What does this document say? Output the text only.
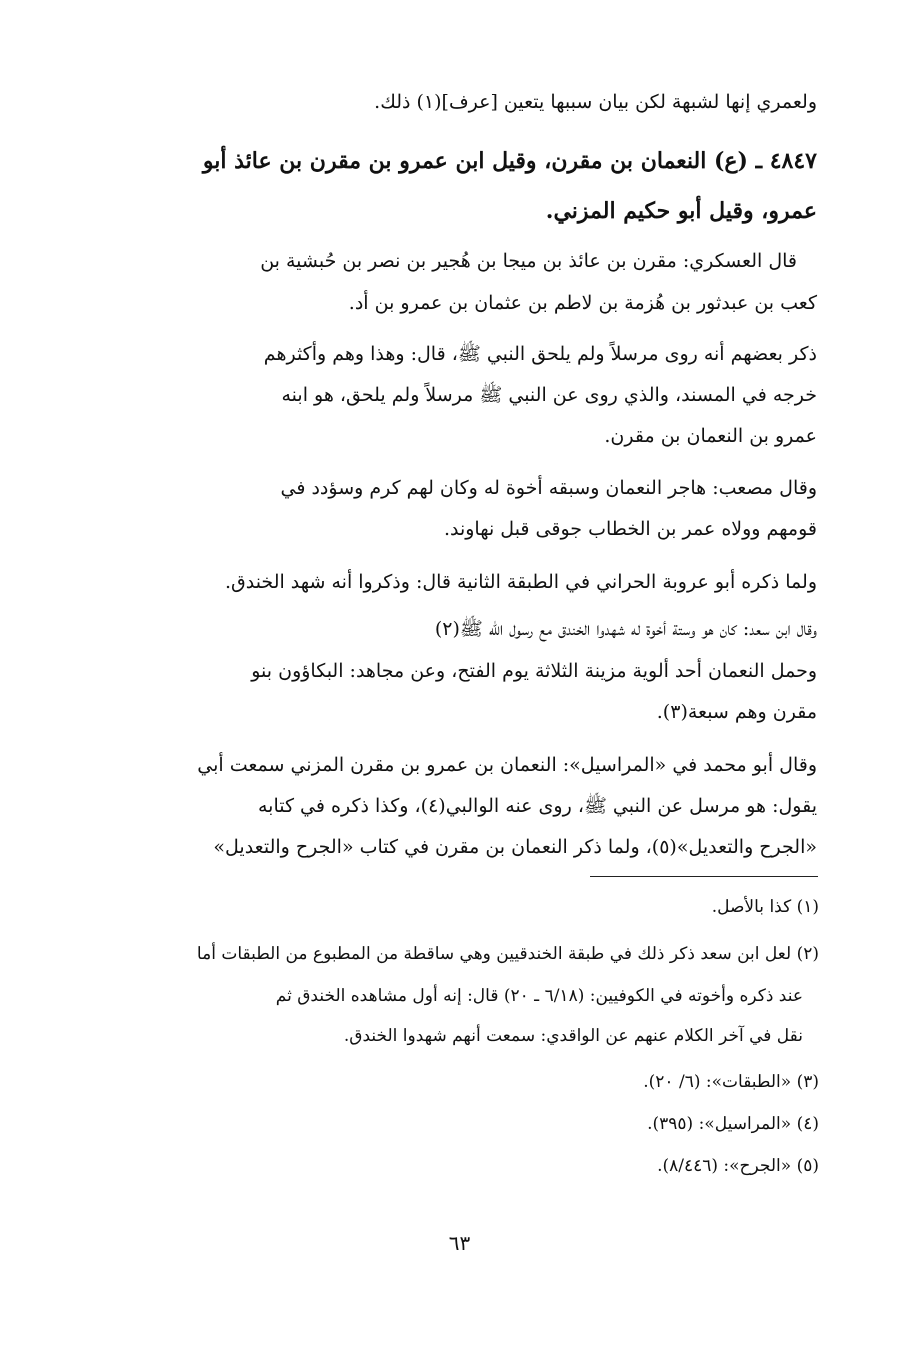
ولعمري إنها لشبهة لكن بيان سببها يتعين [عرف](١) ذلك.
٤٨٤٧ ـ (ع) النعمان بن مقرن، وقيل ابن عمرو بن مقرن بن عائذ أبو
عمرو، وقيل أبو حكيم المزني.
قال العسكري: مقرن بن عائذ بن ميجا بن هُجير بن نصر بن حُبشية بن
كعب بن عبدثور بن هُزمة بن لاطم بن عثمان بن عمرو بن أد.
ذكر بعضهم أنه روى مرسلاً ولم يلحق النبي ﷺ، قال: وهذا وهم وأكثرهم
خرجه في المسند، والذي روى عن النبي ﷺ مرسلاً ولم يلحق، هو ابنه
عمرو بن النعمان بن مقرن.
وقال مصعب: هاجر النعمان وسبقه أخوة له وكان لهم كرم وسؤدد في
قومهم وولاه عمر بن الخطاب جوقى قبل نهاوند.
ولما ذكره أبو عروبة الحراني في الطبقة الثانية قال: وذكروا أنه شهد الخندق.
وقال ابن سعد: كان هو وستة أخوة له شهدوا الخندق مع رسول الله ﷺ(٢)
وحمل النعمان أحد ألوية مزينة الثلاثة يوم الفتح، وعن مجاهد: البكاؤون بنو
مقرن وهم سبعة(٣).
وقال أبو محمد في «المراسيل»: النعمان بن عمرو بن مقرن المزني سمعت أبي
يقول: هو مرسل عن النبي ﷺ، روى عنه الوالبي(٤)، وكذا ذكره في كتابه
«الجرح والتعديل»(٥)، ولما ذكر النعمان بن مقرن في كتاب «الجرح والتعديل»
(١) كذا بالأصل.
(٢) لعل ابن سعد ذكر ذلك في طبقة الخندقيين وهي ساقطة من المطبوع من الطبقات أما
عند ذكره وأخوته في الكوفيين: (٦/١٨ ـ ٢٠) قال: إنه أول مشاهده الخندق ثم
نقل في آخر الكلام عنهم عن الواقدي: سمعت أنهم شهدوا الخندق.
(٣) «الطبقات»: (٦/ ٢٠).
(٤) «المراسيل»: (٣٩٥).
(٥) «الجرح»: (٨/٤٤٦).
٦٣
